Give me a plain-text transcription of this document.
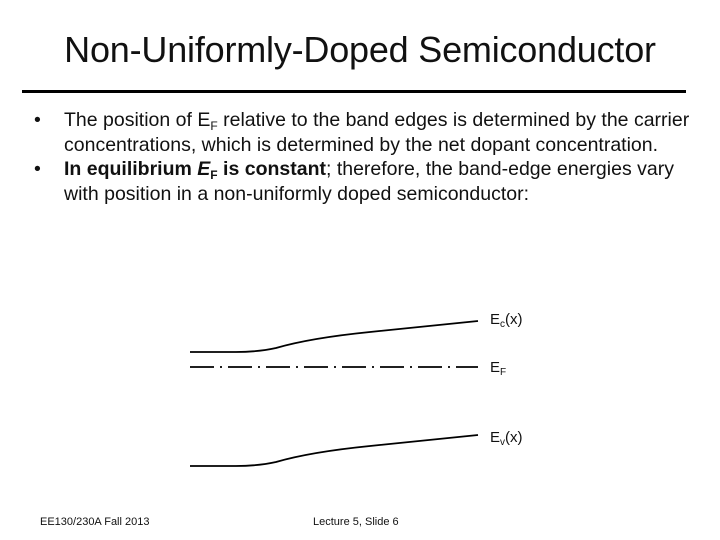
Non-Uniformly-Doped Semiconductor
• The position of $E_F$ relative to the band edges is determined by the carrier concentrations, which is determined by the net dopant concentration.
• In equilibrium $E_F$ is constant; therefore, the band-edge energies vary with position in a non-uniformly doped semiconductor:
$E_c(x)$
$E_F$
$E_v(x)$
EE130/230A Fall 2013	Lecture 5, Slide 6
